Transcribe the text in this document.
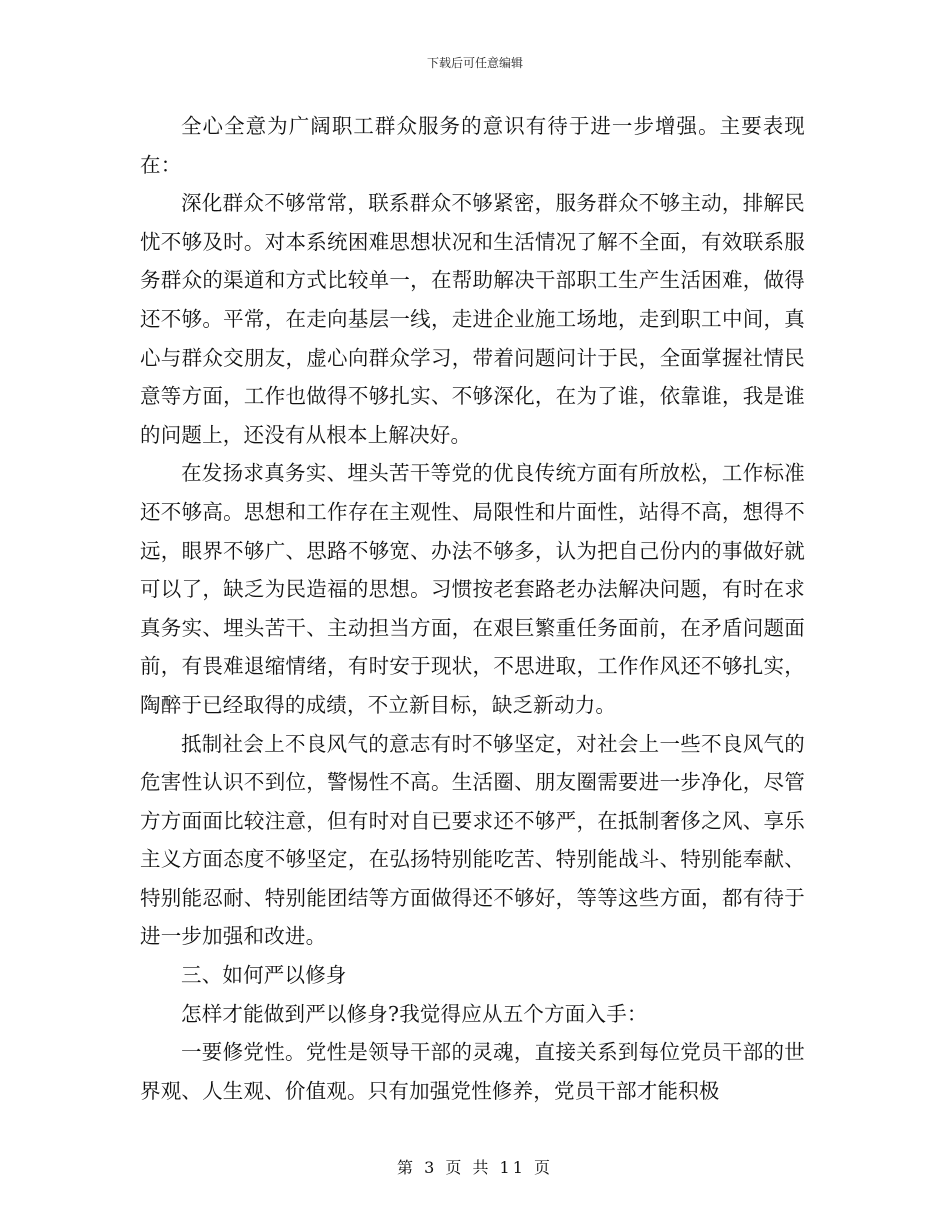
下载后可任意编辑

全心全意为广阔职工群众服务的意识有待于进一步增强。主要表现在：

深化群众不够常常，联系群众不够紧密，服务群众不够主动，排解民忧不够及时。对本系统困难思想状况和生活情况了解不全面，有效联系服务群众的渠道和方式比较单一，在帮助解决干部职工生产生活困难，做得还不够。平常，在走向基层一线，走进企业施工场地，走到职工中间，真心与群众交朋友，虚心向群众学习，带着问题问计于民，全面掌握社情民意等方面，工作也做得不够扎实、不够深化，在为了谁，依靠谁，我是谁的问题上，还没有从根本上解决好。

在发扬求真务实、埋头苦干等党的优良传统方面有所放松，工作标准还不够高。思想和工作存在主观性、局限性和片面性，站得不高，想得不远，眼界不够广、思路不够宽、办法不够多，认为把自己份内的事做好就可以了，缺乏为民造福的思想。习惯按老套路老办法解决问题，有时在求真务实、埋头苦干、主动担当方面，在艰巨繁重任务面前，在矛盾问题面前，有畏难退缩情绪，有时安于现状，不思进取，工作作风还不够扎实，陶醉于已经取得的成绩，不立新目标，缺乏新动力。

抵制社会上不良风气的意志有时不够坚定，对社会上一些不良风气的危害性认识不到位，警惕性不高。生活圈、朋友圈需要进一步净化，尽管方方面面比较注意，但有时对自已要求还不够严，在抵制奢侈之风、享乐主义方面态度不够坚定，在弘扬特别能吃苦、特别能战斗、特别能奉献、特别能忍耐、特别能团结等方面做得还不够好，等等这些方面，都有待于进一步加强和改进。

三、如何严以修身

怎样才能做到严以修身?我觉得应从五个方面入手：

一要修党性。党性是领导干部的灵魂，直接关系到每位党员干部的世界观、人生观、价值观。只有加强党性修养，党员干部才能积极

第 3 页 共 11 页
